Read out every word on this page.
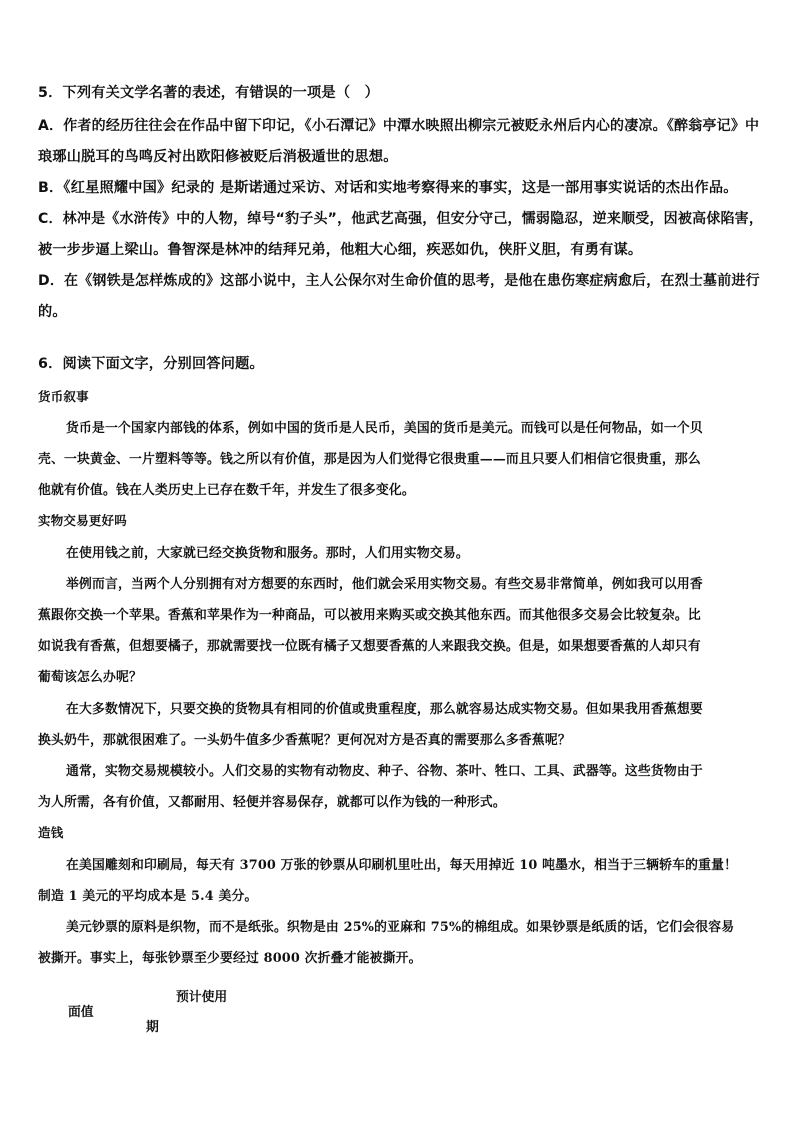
5．下列有关文学名著的表述，有错误的一项是（　）
A．作者的经历往往会在作品中留下印记，《小石潭记》中潭水映照出柳宗元被贬永州后内心的凄凉。《醉翁亭记》中
琅琊山脱耳的鸟鸣反衬出欧阳修被贬后消极遁世的思想。
B．《红星照耀中国》纪录的 是斯诺通过采访、对话和实地考察得来的事实，这是一部用事实说话的杰出作品。
C．林冲是《水浒传》中的人物，绰号“豹子头”，他武艺高强，但安分守己，懦弱隐忍，逆来顺受，因被高俅陷害，
被一步步逼上梁山。鲁智深是林冲的结拜兄弟，他粗大心细，疾恶如仇，侠肝义胆，有勇有谋。
D．在《钢铁是怎样炼成的》这部小说中，主人公保尔对生命价值的思考，是他在患伤寒症病愈后，在烈士墓前进行
的。
6．阅读下面文字，分别回答问题。
货币叙事
货币是一个国家内部钱的体系，例如中国的货币是人民币，美国的货币是美元。而钱可以是任何物品，如一个贝
壳、一块黄金、一片塑料等等。钱之所以有价值，那是因为人们觉得它很贵重——而且只要人们相信它很贵重，那么
他就有价值。钱在人类历史上已存在数千年，并发生了很多变化。
实物交易更好吗
在使用钱之前，大家就已经交换货物和服务。那时，人们用实物交易。
举例而言，当两个人分别拥有对方想要的东西时，他们就会采用实物交易。有些交易非常简单，例如我可以用香
蕉跟你交换一个苹果。香蕉和苹果作为一种商品，可以被用来购买或交换其他东西。而其他很多交易会比较复杂。比
如说我有香蕉，但想要橘子，那就需要找一位既有橘子又想要香蕉的人来跟我交换。但是，如果想要香蕉的人却只有
葡萄该怎么办呢？
在大多数情况下，只要交换的货物具有相同的价值或贵重程度，那么就容易达成实物交易。但如果我用香蕉想要
换头奶牛，那就很困难了。一头奶牛值多少香蕉呢？更何况对方是否真的需要那么多香蕉呢？
通常，实物交易规模较小。人们交易的实物有动物皮、种子、谷物、茶叶、牲口、工具、武器等。这些货物由于
为人所需，各有价值，又都耐用、轻便并容易保存，就都可以作为钱的一种形式。
造钱
在美国雕刻和印刷局，每天有 3700 万张的钞票从印刷机里吐出，每天用掉近 10 吨墨水，相当于三辆轿车的重量！
制造 1 美元的平均成本是 5.4 美分。
美元钞票的原料是织物，而不是纸张。织物是由 25%的亚麻和 75%的棉组成。如果钞票是纸质的话，它们会很容易
被撕开。事实上，每张钞票至少要经过 8000 次折叠才能被撕开。
预计使用
面值
期
